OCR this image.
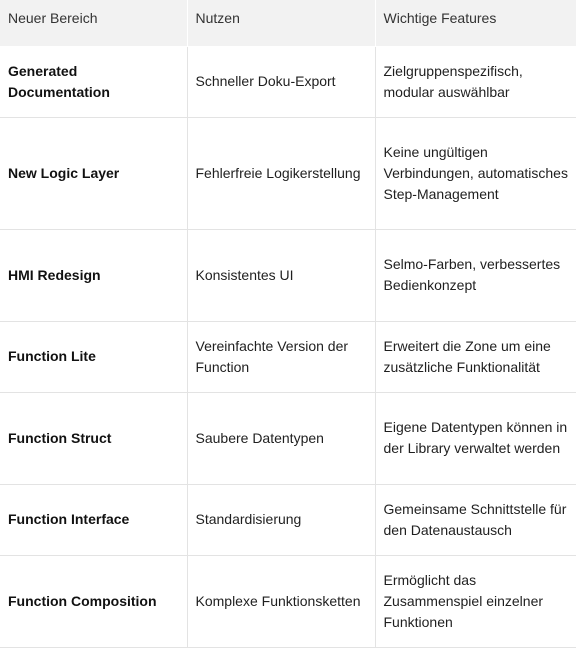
Neuer Bereich	Nutzen	Wichtige Features
Generated Documentation	Schneller Doku-Export	Zielgruppenspezifisch, modular auswählbar
New Logic Layer	Fehlerfreie Logikerstellung	Keine ungültigen Verbindungen, automatisches Step-Management
HMI Redesign	Konsistentes UI	Selmo-Farben, verbessertes Bedienkonzept
Function Lite	Vereinfachte Version der Function	Erweitert die Zone um eine zusätzliche Funktionalität
Function Struct	Saubere Datentypen	Eigene Datentypen können in der Library verwaltet werden
Function Interface	Standardisierung	Gemeinsame Schnittstelle für den Datenaustausch
Function Composition	Komplexe Funktionsketten	Ermöglicht das Zusammenspiel einzelner Funktionen
